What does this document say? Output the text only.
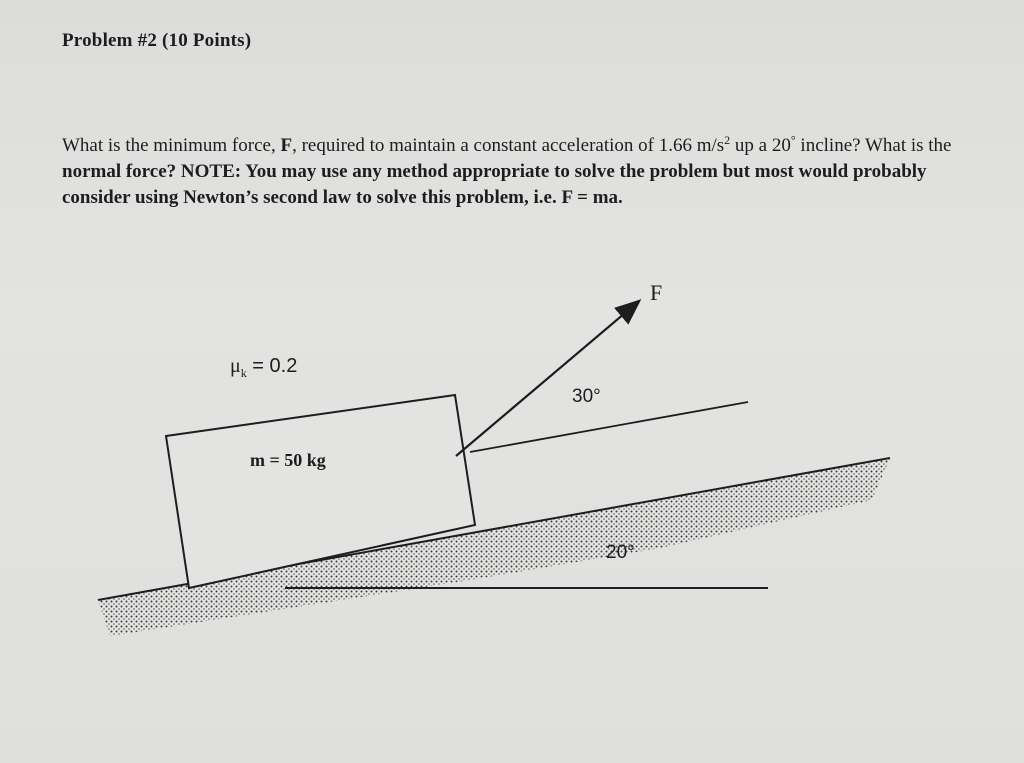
Problem #2 (10 Points)
What is the minimum force, F, required to maintain a constant acceleration of 1.66 $m/s^2$ up a 20° incline? What is the normal force? NOTE: You may use any method appropriate to solve the problem but most would probably consider using Newton’s second law to solve this problem, i.e. F = ma.
F
$\mu_k = 0.2$
30°
m = 50 kg
20°
